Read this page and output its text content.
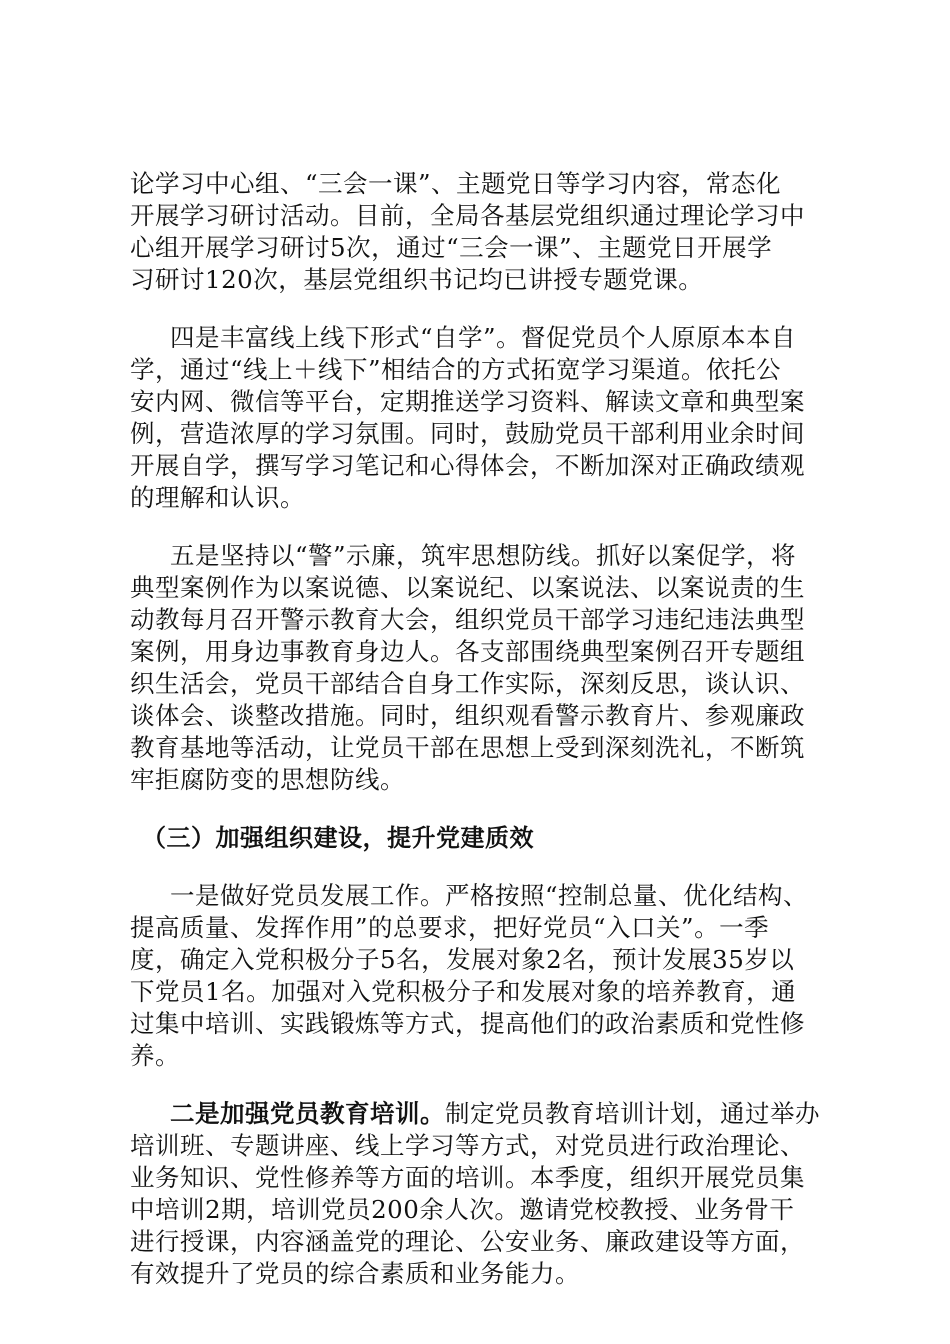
论学习中心组、“三会一课”、主题党日等学习内容，常态化
开展学习研讨活动。目前，全局各基层党组织通过理论学习中
心组开展学习研讨5次，通过“三会一课”、主题党日开展学
习研讨120次，基层党组织书记均已讲授专题党课。
四是丰富线上线下形式“自学”。督促党员个人原原本本自
学，通过“线上＋线下”相结合的方式拓宽学习渠道。依托公
安内网、微信等平台，定期推送学习资料、解读文章和典型案
例，营造浓厚的学习氛围。同时，鼓励党员干部利用业余时间
开展自学，撰写学习笔记和心得体会，不断加深对正确政绩观
的理解和认识。
五是坚持以“警”示廉，筑牢思想防线。抓好以案促学，将
典型案例作为以案说德、以案说纪、以案说法、以案说责的生
动教每月召开警示教育大会，组织党员干部学习违纪违法典型
案例，用身边事教育身边人。各支部围绕典型案例召开专题组
织生活会，党员干部结合自身工作实际，深刻反思，谈认识、
谈体会、谈整改措施。同时，组织观看警示教育片、参观廉政
教育基地等活动，让党员干部在思想上受到深刻洗礼，不断筑
牢拒腐防变的思想防线。
（三）加强组织建设，提升党建质效
一是做好党员发展工作。严格按照“控制总量、优化结构、
提高质量、发挥作用”的总要求，把好党员“入口关”。一季
度，确定入党积极分子5名，发展对象2名，预计发展35岁以
下党员1名。加强对入党积极分子和发展对象的培养教育，通
过集中培训、实践锻炼等方式，提高他们的政治素质和党性修
养。
二是加强党员教育培训。制定党员教育培训计划，通过举办
培训班、专题讲座、线上学习等方式，对党员进行政治理论、
业务知识、党性修养等方面的培训。本季度，组织开展党员集
中培训2期，培训党员200余人次。邀请党校教授、业务骨干
进行授课，内容涵盖党的理论、公安业务、廉政建设等方面，
有效提升了党员的综合素质和业务能力。
